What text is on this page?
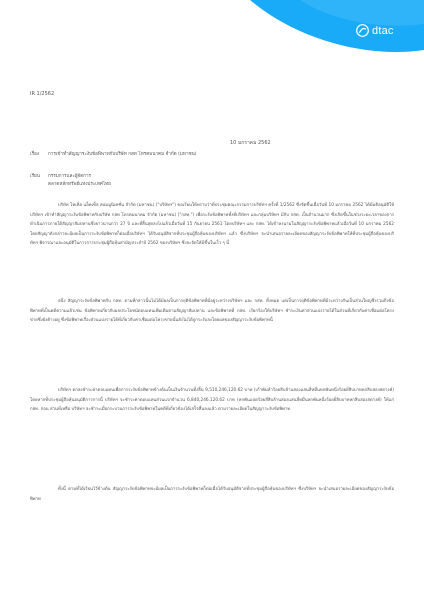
dtac
IR 1/2562
10 มกราคม 2562
เรื่อง	การเข้าทำสัญญาระงับข้อพิพาทกับบริษัท กสท โทรคมนาคม จำกัด (มหาชน)
เรียน	กรรมการและผู้จัดการ
ตลาดหลักทรัพย์แห่งประเทศไทย

บริษัท โทเทิ่ล แอ็คเซ็ส คอมมูนิเคชั่น จำกัด (มหาชน) ("บริษัทฯ") ขอเรียนให้ทราบว่าที่ประชุมคณะกรรมการบริษัทฯ ครั้งที่ 1/2562 ซึ่งจัดขึ้นเมื่อวันที่ 10 มกราคม 2562 ได้มีมติอนุมัติให้บริษัทฯ เข้าทำสัญญาระงับข้อพิพาทกับบริษัท กสท โทรคมนาคม จำกัด (มหาชน) ("กสท.") เพื่อระงับข้อพิพาททั้งที่บริษัทฯ และกลุ่มบริษัทฯ มีกับ กสท. เป็นจำนวนมาก ซึ่งเกิดขึ้นในช่วงระยะเวลาของการดำเนินการภายใต้สัญญาสัมปทานซึ่งยาวนานกว่า 27 ปี และที่สิ้นสุดลงไปแล้วเมื่อวันที่ 15 กันยายน 2561 โดยบริษัทฯ และ กสท. ได้เข้าลงนามในสัญญาระงับข้อพิพาทแล้วเมื่อวันที่ 10 มกราคม 2562 โดยสัญญาดังกล่าวจะมีผลเป็นการระงับข้อพิพาทก็ต่อเมื่อบริษัทฯ ได้รับอนุมัติจากที่ประชุมผู้ถือหุ้นของบริษัทฯ แล้ว ซึ่งบริษัทฯ จะนำเสนอรายละเอียดของสัญญาระงับข้อพิพาทให้ที่ประชุมผู้ถือหุ้นของบริษัทฯ พิจารณาและอนุมัติในการการประชุมผู้ถือหุ้นสามัญประจำปี 2562 ของบริษัทฯ ซึ่งจะจัดให้มีขึ้นในเร็ว ๆ นี้

อนึ่ง สัญญาระงับข้อพิพาทกับ กสท. ตามที่กล่าวนั้นไม่ได้มีผลเป็นการยุติข้อพิพาทที่มีอยู่ระหว่างบริษัทฯ และ กสท. ทั้งหมด แต่เป็นการยุติข้อพิพาทที่มีระหว่างกันเป็นส่วนใหญ่ซึ่งรวมถึงข้อพิพาทที่เป็นคดีความแล้วเช่น ข้อพิพาทเกี่ยวกับผลประโยชน์ตอบแทนเพิ่มเติมตามสัญญาสัมปทาน และข้อพิพาทที่ กสท. เรียกร้องให้บริษัทฯ ชำระเงินค่าส่วนแบ่งรายได้ในส่วนที่เกี่ยวกับค่าเชื่อมต่อโครงข่ายซึ่งยังค้างอยู่ ซึ่งข้อพิพาทเรื่องส่วนแบ่งรายได้ที่เกี่ยวกับค่าเชื่อมต่อโครงข่ายนั้นยังไม่ได้ถูกระงับลงโดยผลของสัญญาระงับข้อพิพาทนี้

บริษัทฯ ตกลงชำระค่าตอบแทนเพื่อการระงับข้อพิพาทข้างต้นเป็นเงินจำนวนทั้งสิ้น 9,510,246,120.62 บาท (เก้าพันห้าร้อยสิบล้านสองแสนสี่หมื่นหกพันหนึ่งร้อยยี่สิบบาทหกสิบสองสตางค์) โดยหากที่ประชุมผู้ถือหุ้นอนุมัติการการนี้ บริษัทฯ จะชำระค่าตอบแทนส่วนแรกจำนวน 6,840,246,120.62 บาท (หกพันแปดร้อยสี่สิบล้านสองแสนสี่หมื่นหกพันหนึ่งร้อยยี่สิบบาทหกสิบสองสตางค์) ให้แก่ กสท. ก่อน ส่วนที่เหลือ บริษัทฯ จะชำระเมื่อกระบวนการระงับข้อพิพาทในคดีที่เกี่ยวข้องได้เสร็จสิ้นลงแล้ว ตามรายละเอียดในสัญญาระงับข้อพิพาท

ทั้งนี้ ตามที่ได้เรียนไว้ข้างต้น สัญญาระงับข้อพิพาทจะมีผลเป็นการระงับข้อพิพาทก็ต่อเมื่อได้รับอนุมัติจากที่ประชุมผู้ถือหุ้นของบริษัทฯ ซึ่งบริษัทฯ จะนำเสนอรายละเอียดของสัญญาระงับข้อพิพาท
